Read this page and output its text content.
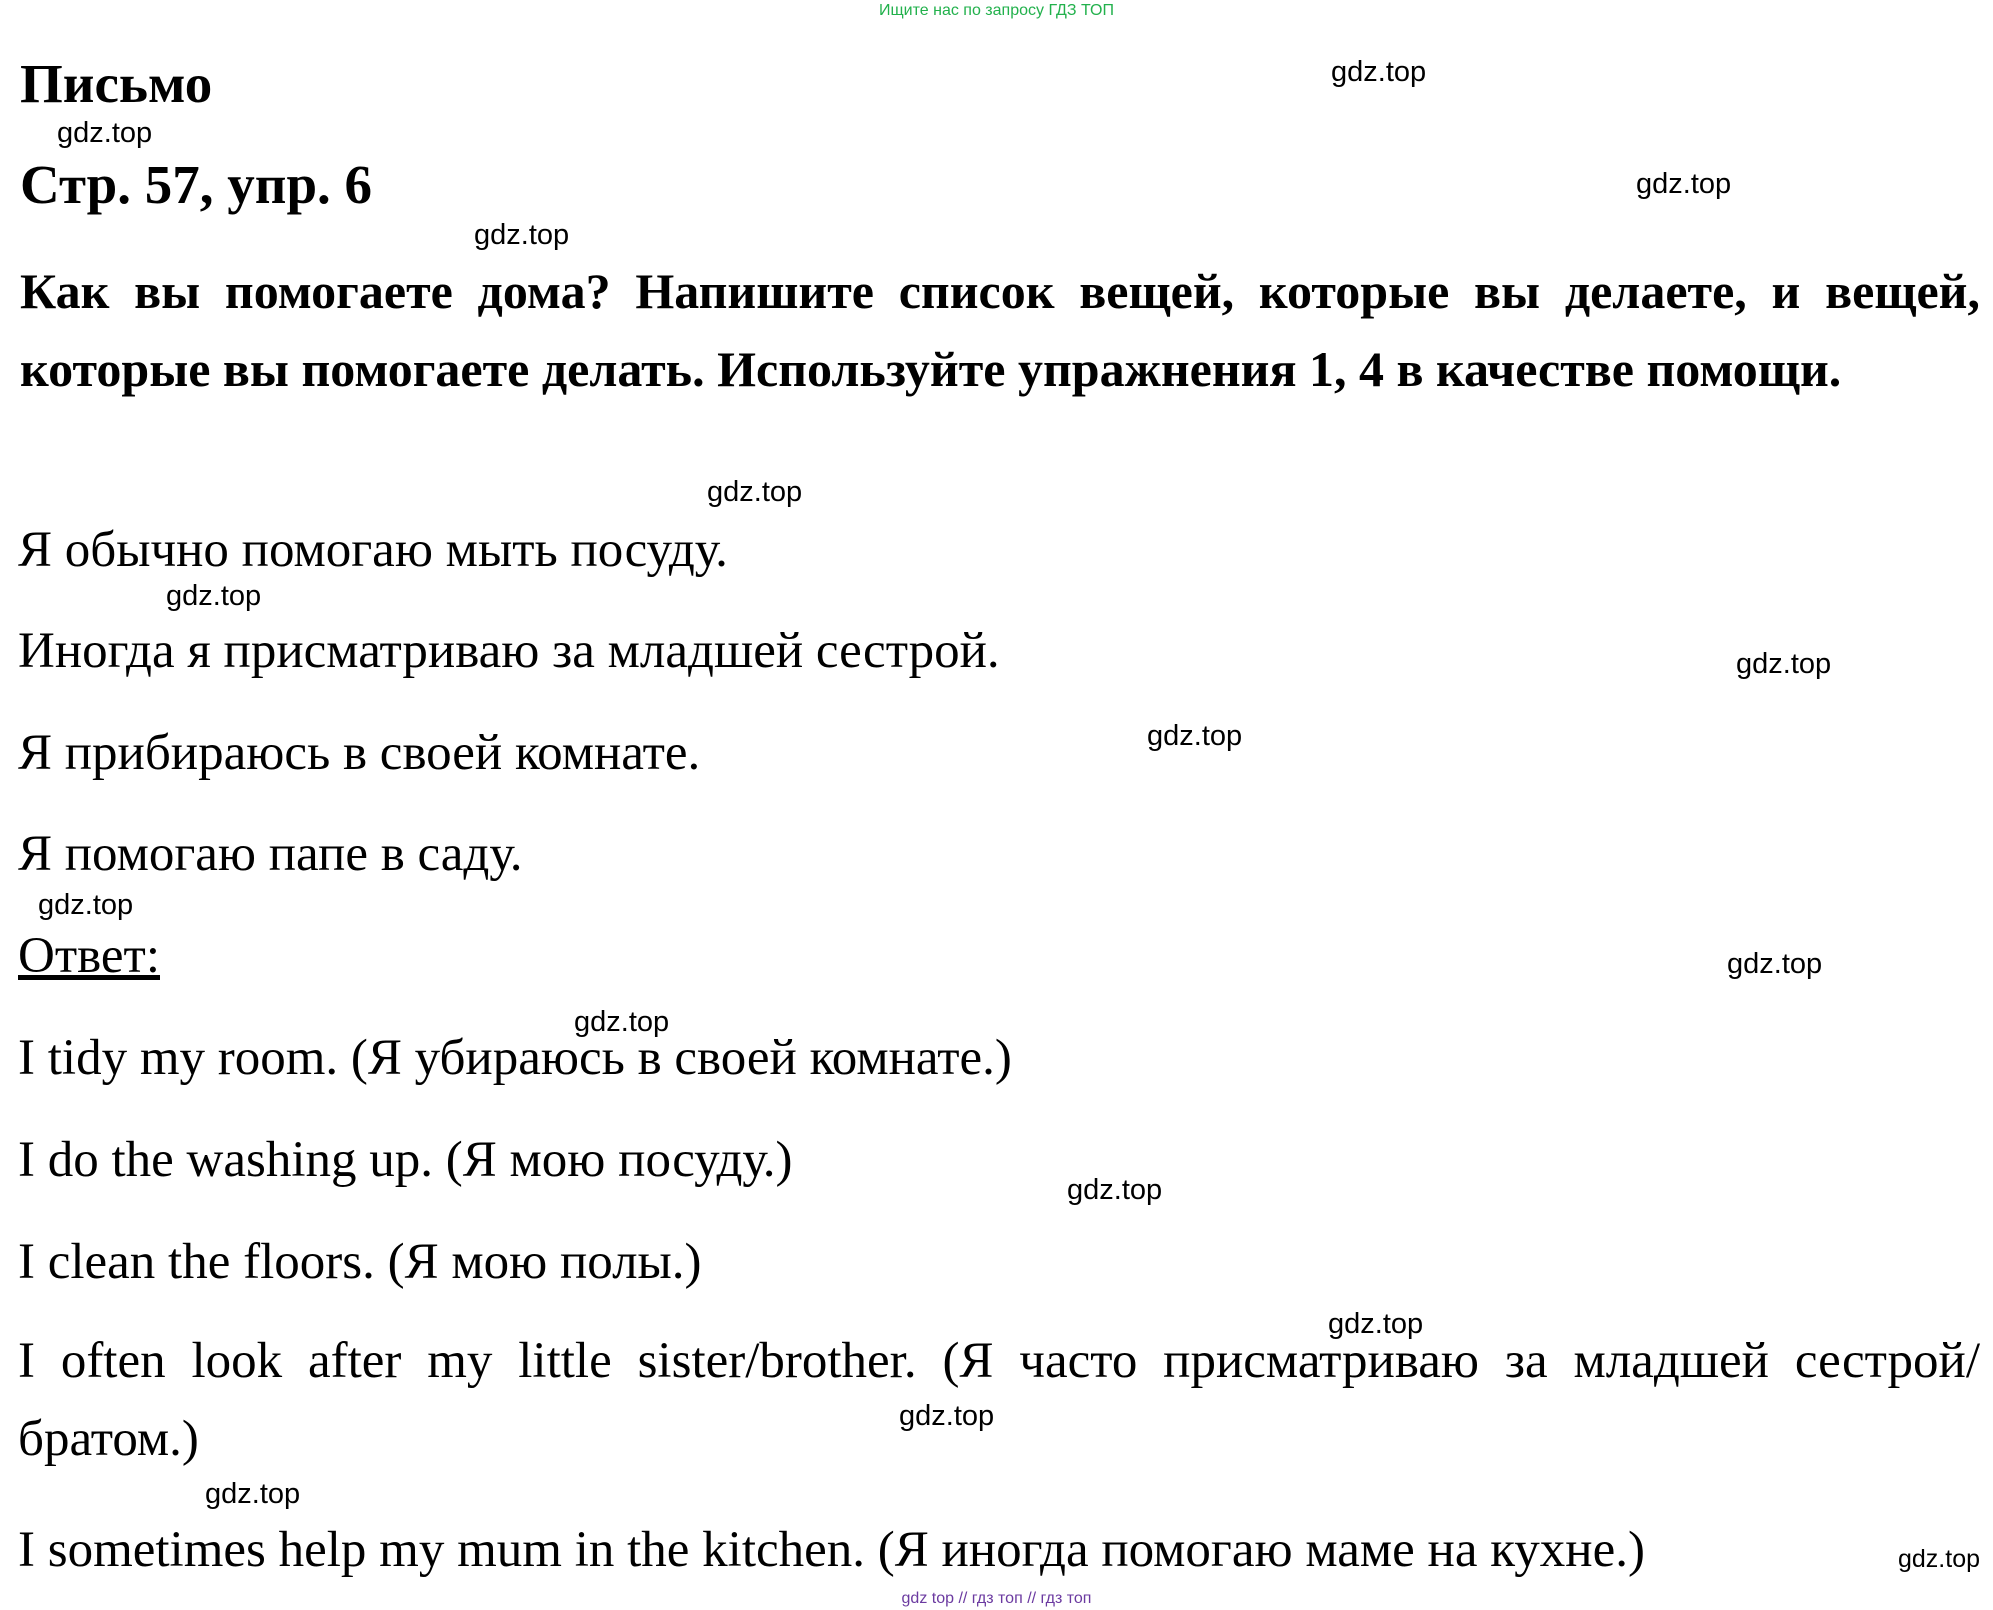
Ищите нас по запросу ГДЗ ТОП
Письмо
Стр. 57, упр. 6

Как вы помогаете дома? Напишите список вещей, которые вы делаете, и вещей, которые вы помогаете делать. Используйте упражнения 1, 4 в качестве помощи.

Я обычно помогаю мыть посуду.
Иногда я присматриваю за младшей сестрой.
Я прибираюсь в своей комнате.
Я помогаю папе в саду.
Ответ:
I tidy my room. (Я убираюсь в своей комнате.)
I do the washing up. (Я мою посуду.)
I clean the floors. (Я мою полы.)

I often look after my little sister/brother. (Я часто присматриваю за младшей сестрой/братом.)

I sometimes help my mum in the kitchen. (Я иногда помогаю маме на кухне.)
gdz.top
gdz.top
gdz.top
gdz.top
gdz.top
gdz.top
gdz.top
gdz.top
gdz.top
gdz.top
gdz.top
gdz.top
gdz.top
gdz.top
gdz.top
gdz.top
gdz top // гдз топ // гдз топ
